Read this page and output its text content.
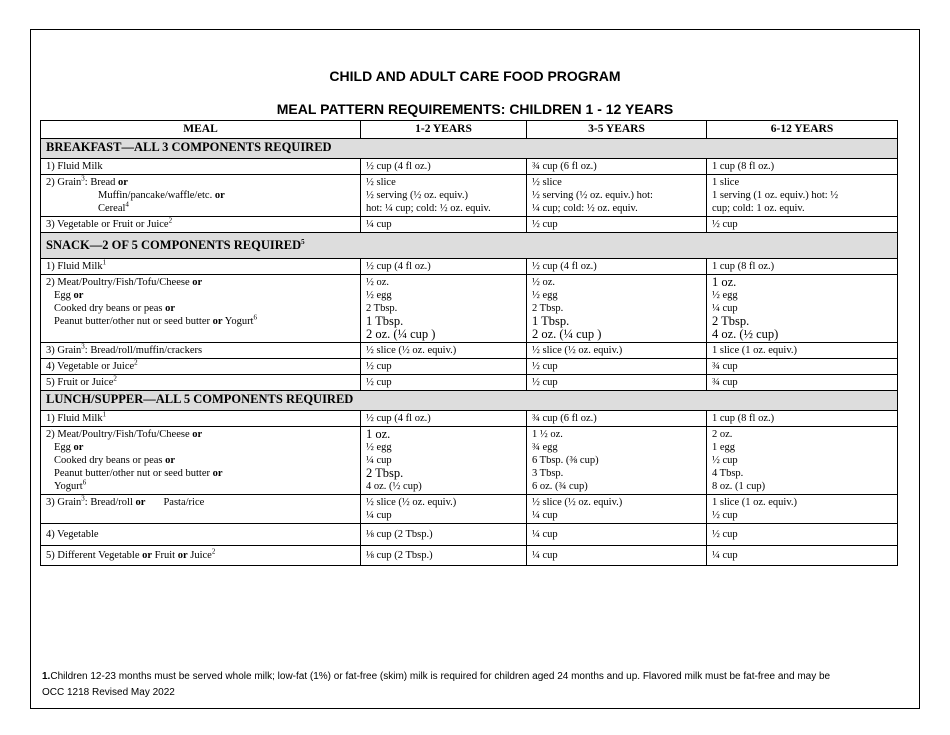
CHILD AND ADULT CARE FOOD PROGRAM
MEAL PATTERN REQUIREMENTS: CHILDREN 1 - 12 YEARS
MEAL	1-2 YEARS	3-5 YEARS	6-12 YEARS
BREAKFAST—ALL 3 COMPONENTS REQUIRED			
1) Fluid Milk	½ cup (4 fl oz.)	¾ cup (6 fl oz.)	1 cup (8 fl oz.)

2) Grain$^3$: Bread or
Muffin/pancake/waffle/etc. or
Cereal$^4$	½ slice
½ serving (½ oz. equiv.)
hot: ¼ cup; cold: ½ oz. equiv.	½ slice
½ serving (½ oz. equiv.) hot:
¼ cup; cold: ½ oz. equiv.	1 slice
1 serving (1 oz. equiv.) hot: ½
cup; cold: 1 oz. equiv.

3) Vegetable or Fruit or Juice$^2$	¼ cup	½ cup	½ cup
SNACK—2 OF 5 COMPONENTS REQUIRED$^5$
1) Fluid Milk$^1$	½ cup (4 fl oz.)	½ cup (4 fl oz.)	1 cup (8 fl oz.)

2) Meat/Poultry/Fish/Tofu/Cheese or
Egg or
Cooked dry beans or peas or
Peanut butter/other nut or seed butter or Yogurt$^6$	½ oz.
½ egg
2 Tbsp.
1 Tbsp.
2 oz. (¼ cup )	½ oz.
½ egg
2 Tbsp.
1 Tbsp.
2 oz. (¼ cup )	1 oz.
½ egg
¼ cup
2 Tbsp.
4 oz. (½ cup)

3) Grain$^3$: Bread/roll/muffin/crackers	½ slice (½ oz. equiv.)	½ slice (½ oz. equiv.)	1 slice (1 oz. equiv.)
4) Vegetable or Juice$^2$	½ cup	½ cup	¾ cup
5) Fruit or Juice$^2$	½ cup	½ cup	¾ cup
LUNCH/SUPPER—ALL 5 COMPONENTS REQUIRED			
1) Fluid Milk$^1$	½ cup (4 fl oz.)	¾ cup (6 fl oz.)	1 cup (8 fl oz.)

2) Meat/Poultry/Fish/Tofu/Cheese or
Egg or
Cooked dry beans or peas or
Peanut butter/other nut or seed butter or
Yogurt$^6$	1 oz.
½ egg
¼ cup
2 Tbsp.
4 oz. (½ cup)	1 ½ oz.
¾ egg
6 Tbsp. (⅜ cup)
3 Tbsp.
6 oz. (¾ cup)	2 oz.
1 egg
½ cup
4 Tbsp.
8 oz. (1 cup)

3) Grain$^3$: Bread/roll or Pasta/rice	½ slice (½ oz. equiv.)
¼ cup	½ slice (½ oz. equiv.)
¼ cup	1 slice (1 oz. equiv.)
½ cup

4) Vegetable	⅛ cup (2 Tbsp.)	¼ cup	½ cup
5) Different Vegetable or Fruit or Juice$^2$	⅛ cup (2 Tbsp.)	¼ cup	¼ cup
1.Children 12-23 months must be served whole milk; low-fat (1%) or fat-free (skim) milk is required for children aged 24 months and up. Flavored milk must be fat-free and may be
OCC 1218 Revised May 2022
